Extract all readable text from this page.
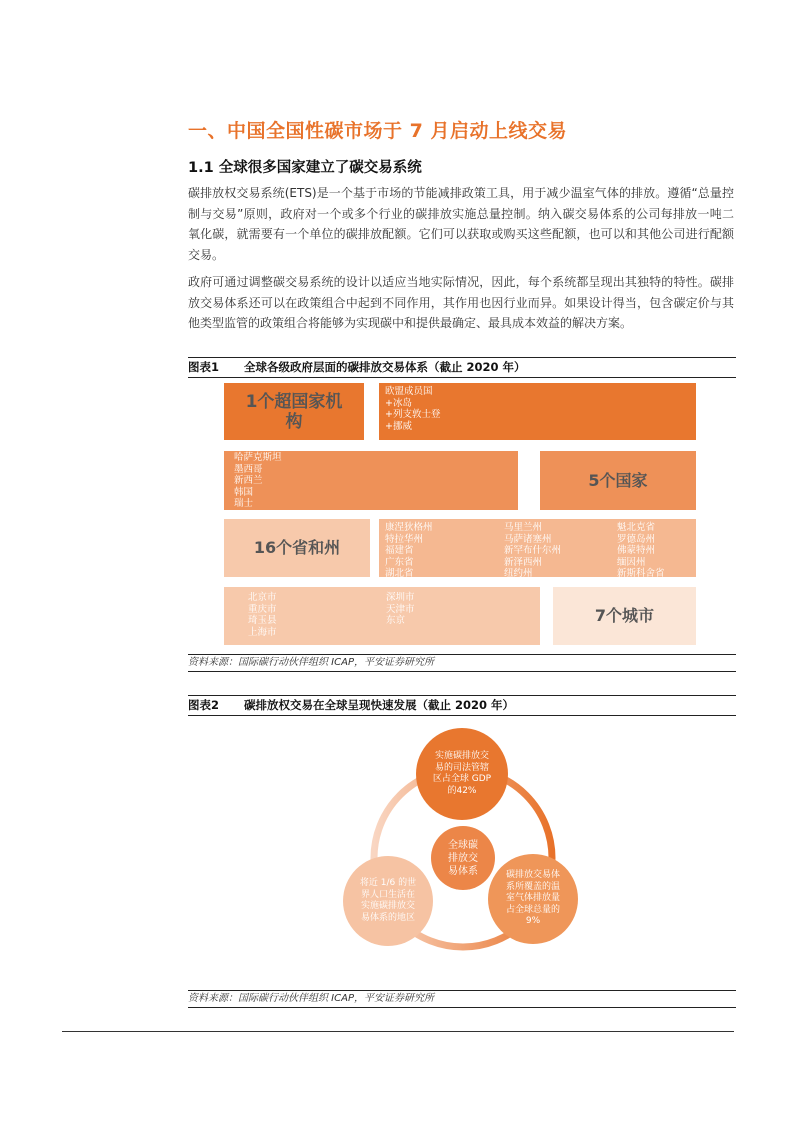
一、中国全国性碳市场于 7 月启动上线交易
1.1 全球很多国家建立了碳交易系统

碳排放权交易系统(ETS)是一个基于市场的节能减排政策工具，用于减少温室气体的排放。遵循“总量控制与交易”原则，政府对一个或多个行业的碳排放实施总量控制。纳入碳交易体系的公司每排放一吨二氧化碳，就需要有一个单位的碳排放配额。它们可以获取或购买这些配额，也可以和其他公司进行配额交易。

政府可通过调整碳交易系统的设计以适应当地实际情况，因此，每个系统都呈现出其独特的特性。碳排放交易体系还可以在政策组合中起到不同作用，其作用也因行业而异。如果设计得当，包含碳定价与其他类型监管的政策组合将能够为实现碳中和提供最确定、最具成本效益的解决方案。

图表1 全球各级政府层面的碳排放交易体系（截止 2020 年）
1个超国家机构
欧盟成员国
+冰岛
+列支敦士登
+挪威
哈萨克斯坦
墨西哥
新西兰
韩国
瑞士
5个国家
16个省和州
康涅狄格州
特拉华州
福建省
广东省
湖北省
马里兰州
马萨诸塞州
新罕布什尔州
新泽西州
纽约州
魁北克省
罗德岛州
佛蒙特州
缅因州
新斯科舍省
北京市
重庆市
琦玉县
上海市
深圳市
天津市
东京	7个城市
资料来源：国际碳行动伙伴组织 ICAP，平安证券研究所
图表2 碳排放权交易在全球呈现快速发展（截止 2020 年）
实施碳排放交
易的司法管辖
区占全球 GDP
的42%
全球碳
排放交
易体系	碳排放交易体
系所覆盖的温
室气体排放量
占全球总量的
9%
将近 1/6 的世
界人口生活在
实施碳排放交
易体系的地区
资料来源：国际碳行动伙伴组织 ICAP，平安证券研究所
